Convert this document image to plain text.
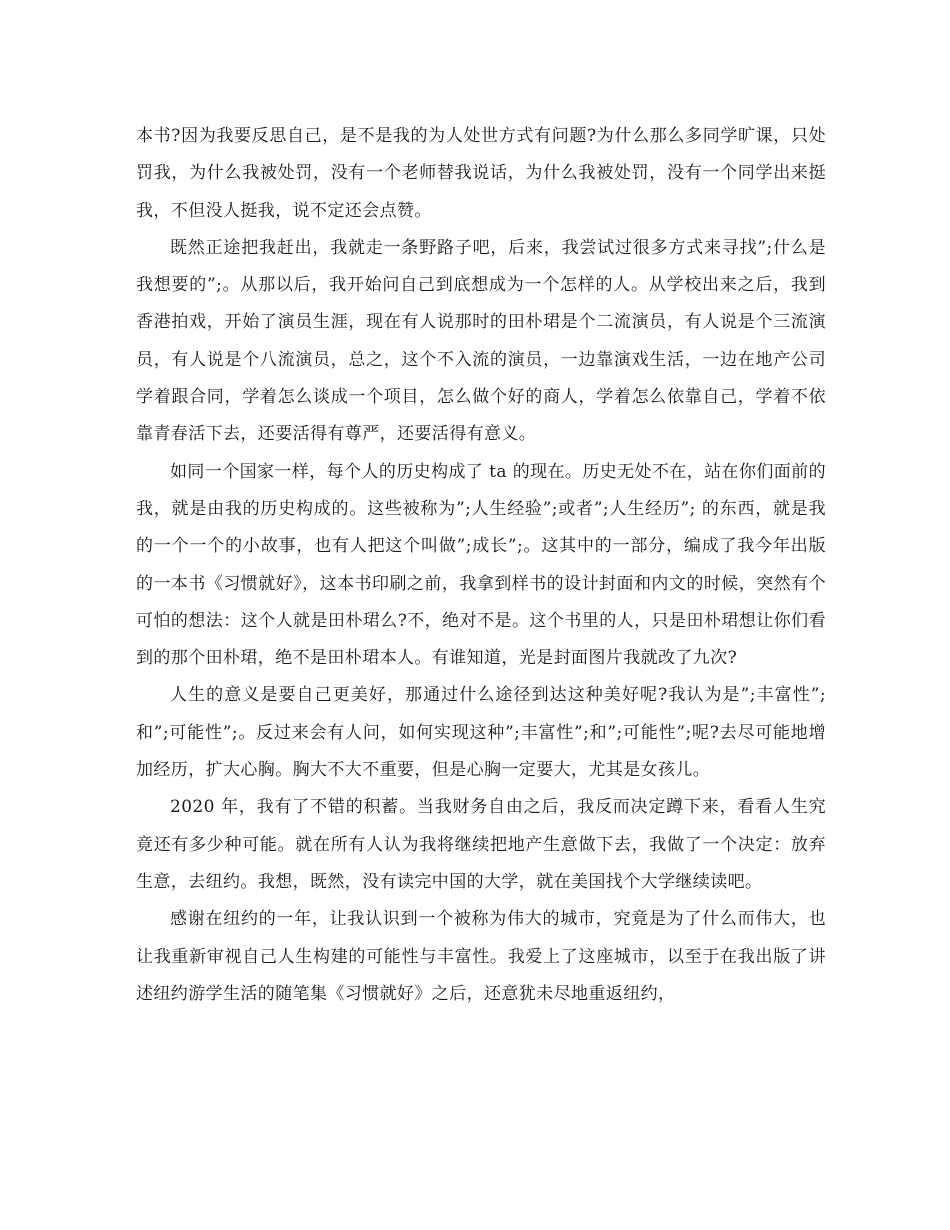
本书?因为我要反思自己，是不是我的为人处世方式有问题?为什么那么多同学旷课，只处罚我，为什么我被处罚，没有一个老师替我说话，为什么我被处罚，没有一个同学出来挺我，不但没人挺我，说不定还会点赞。

既然正途把我赶出，我就走一条野路子吧，后来，我尝试过很多方式来寻找”;什么是我想要的”;。从那以后，我开始问自己到底想成为一个怎样的人。从学校出来之后，我到香港拍戏，开始了演员生涯，现在有人说那时的田朴珺是个二流演员，有人说是个三流演员，有人说是个八流演员，总之，这个不入流的演员，一边靠演戏生活，一边在地产公司学着跟合同，学着怎么谈成一个项目，怎么做个好的商人，学着怎么依靠自己，学着不依靠青春活下去，还要活得有尊严，还要活得有意义。

如同一个国家一样，每个人的历史构成了 ta 的现在。历史无处不在，站在你们面前的我，就是由我的历史构成的。这些被称为”;人生经验”;或者”;人生经历”; 的东西，就是我的一个一个的小故事，也有人把这个叫做”;成长”;。这其中的一部分，编成了我今年出版的一本书《习惯就好》，这本书印刷之前，我拿到样书的设计封面和内文的时候，突然有个可怕的想法：这个人就是田朴珺么?不，绝对不是。这个书里的人，只是田朴珺想让你们看到的那个田朴珺，绝不是田朴珺本人。有谁知道，光是封面图片我就改了九次?

人生的意义是要自己更美好，那通过什么途径到达这种美好呢?我认为是”;丰富性”;和”;可能性”;。反过来会有人问，如何实现这种”;丰富性”;和”;可能性”;呢?去尽可能地增加经历，扩大心胸。胸大不大不重要，但是心胸一定要大，尤其是女孩儿。

2020 年，我有了不错的积蓄。当我财务自由之后，我反而决定蹲下来，看看人生究竟还有多少种可能。就在所有人认为我将继续把地产生意做下去，我做了一个决定：放弃生意，去纽约。我想，既然，没有读完中国的大学，就在美国找个大学继续读吧。

感谢在纽约的一年，让我认识到一个被称为伟大的城市，究竟是为了什么而伟大，也让我重新审视自己人生构建的可能性与丰富性。我爱上了这座城市，以至于在我出版了讲述纽约游学生活的随笔集《习惯就好》之后，还意犹未尽地重返纽约，
